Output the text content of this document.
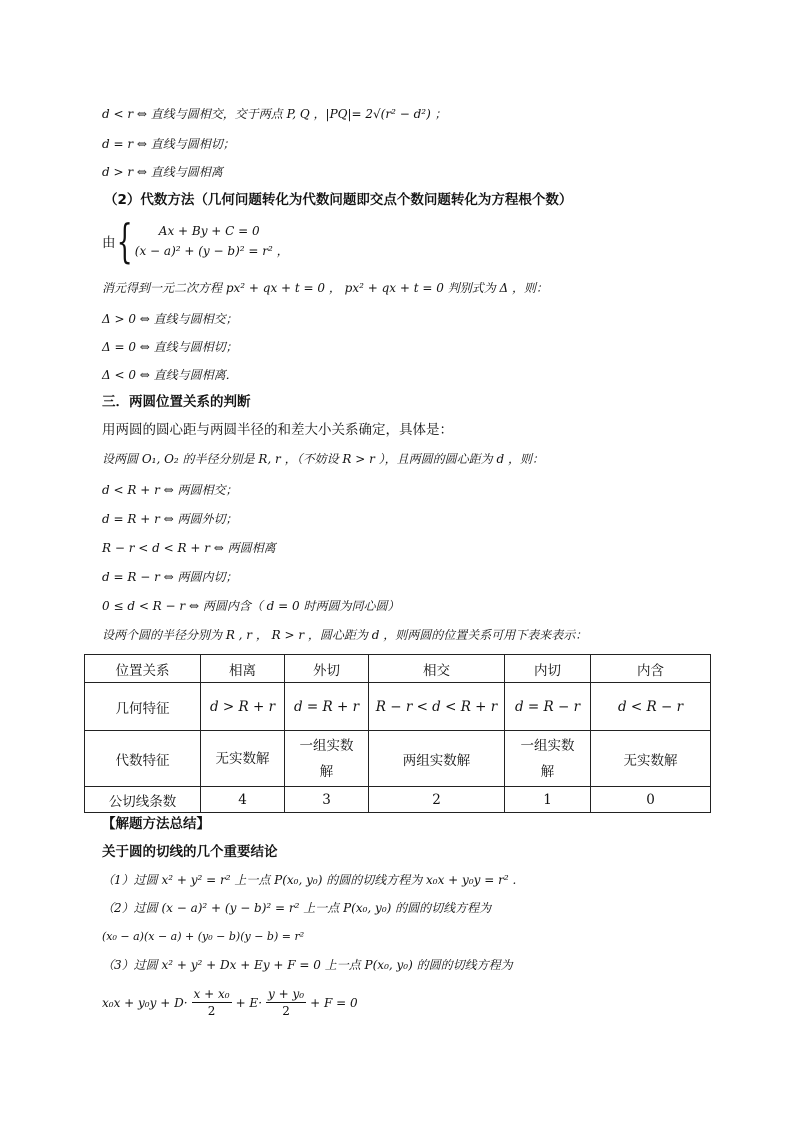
d < r ⇔ 直线与圆相交，交于两点 P, Q ，|PQ|= 2√(r² − d²) ；
d = r ⇔ 直线与圆相切；
d > r ⇔ 直线与圆相离
（2）代数方法（几何问题转化为代数问题即交点个数问题转化为方程根个数）
由 {	Ax + By + C = 0
(x − a)² + (y − b)² = r² ，
消元得到一元二次方程 px² + qx + t = 0 ， px² + qx + t = 0 判别式为 Δ ，则：
Δ > 0 ⇔ 直线与圆相交；
Δ = 0 ⇔ 直线与圆相切；
Δ < 0 ⇔ 直线与圆相离．
三．两圆位置关系的判断
用两圆的圆心距与两圆半径的和差大小关系确定，具体是：
设两圆 O₁, O₂ 的半径分别是 R, r ，（不妨设 R > r ），且两圆的圆心距为 d ，则：
d < R + r ⇔ 两圆相交；
d = R + r ⇔ 两圆外切；
R − r < d < R + r ⇔ 两圆相离
d = R − r ⇔ 两圆内切；
0 ≤ d < R − r ⇔ 两圆内含（ d = 0 时两圆为同心圆）
设两个圆的半径分别为 R , r ， R > r ，圆心距为 d ，则两圆的位置关系可用下表来表示：
位置关系	相离	外切	相交	内切	内含
几何特征	d > R + r	d = R + r	R − r < d < R + r	d = R − r	d < R − r
代数特征	无实数解	一组实数解	两组实数解	一组实数解	无实数解
公切线条数	4	3	2	1	0
【解题方法总结】
关于圆的切线的几个重要结论
（1）过圆 x² + y² = r² 上一点 P(x₀, y₀) 的圆的切线方程为 x₀x + y₀y = r² .
（2）过圆 (x − a)² + (y − b)² = r² 上一点 P(x₀, y₀) 的圆的切线方程为
(x₀ − a)(x − a) + (y₀ − b)(y − b) = r²
（3）过圆 x² + y² + Dx + Ey + F = 0 上一点 P(x₀, y₀) 的圆的切线方程为
x₀x + y₀y + D·
x + x₀
2
+ E·
y + y₀
2
+ F = 0
